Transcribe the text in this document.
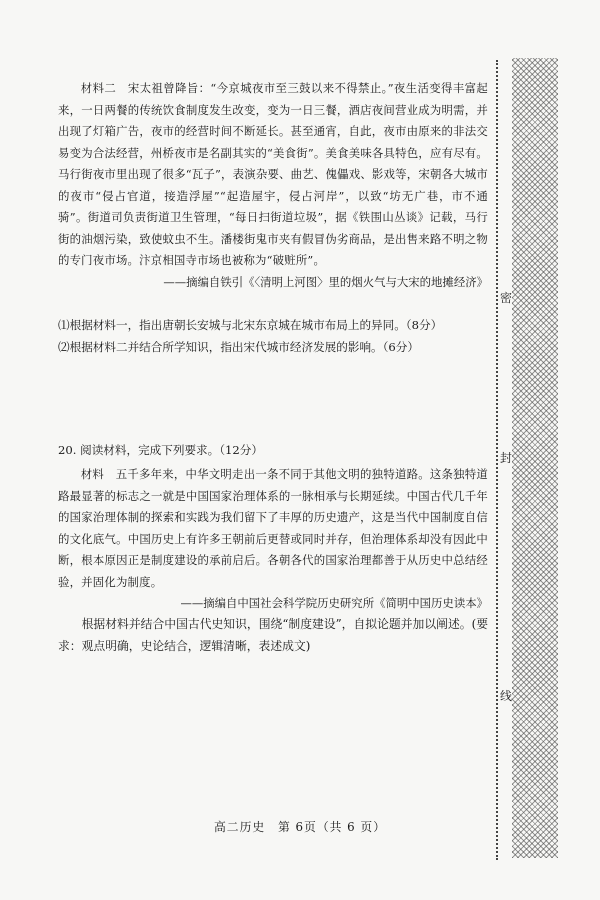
材料二　宋太祖曾降旨：“今京城夜市至三鼓以来不得禁止。”夜生活变得丰富起来，一日两餐的传统饮食制度发生改变，变为一日三餐，酒店夜间营业成为明需，并出现了灯箱广告，夜市的经营时间不断延长。甚至通宵，自此，夜市由原来的非法交易变为合法经营，州桥夜市是名副其实的“美食街”。美食美味各具特色，应有尽有。马行街夜市里出现了很多“瓦子”，表演杂要、曲艺、傀儡戏、影戏等，宋朝各大城市的夜市“侵占官道，接造浮屋”“起造屋宇，侵占河岸”，以致“坊无广巷，市不通骑”。街道司负责街道卫生管理，“每日扫街道垃圾”，据《铁围山丛谈》记载，马行街的油烟污染，致使蚊虫不生。潘楼街鬼市夹有假冒伪劣商品，是出售来路不明之物的专门夜市场。汴京相国寺市场也被称为“破赃所”。

——摘编自铁引《〈清明上河图〉里的烟火气与大宋的地摊经济》

⑴根据材料一，指出唐朝长安城与北宋东京城在城市布局上的异同。（8分）

⑵根据材料二并结合所学知识，指出宋代城市经济发展的影响。（6分）

20. 阅读材料，完成下列要求。（12分）

材料　五千多年来，中华文明走出一条不同于其他文明的独特道路。这条独特道路最显著的标志之一就是中国国家治理体系的一脉相承与长期延续。中国古代几千年的国家治理体制的探索和实践为我们留下了丰厚的历史遗产，这是当代中国制度自信的文化底气。中国历史上有许多王朝前后更替或同时并存，但治理体系却没有因此中断，根本原因正是制度建设的承前启后。各朝各代的国家治理都善于从历史中总结经验，并固化为制度。

——摘编自中国社会科学院历史研究所《简明中国历史读本》

根据材料并结合中国古代史知识，围绕“制度建设”，自拟论题并加以阐述。(要求：观点明确，史论结合，逻辑清晰，表述成文)

高二历史　第 6页（共 6 页）
密
封
线
